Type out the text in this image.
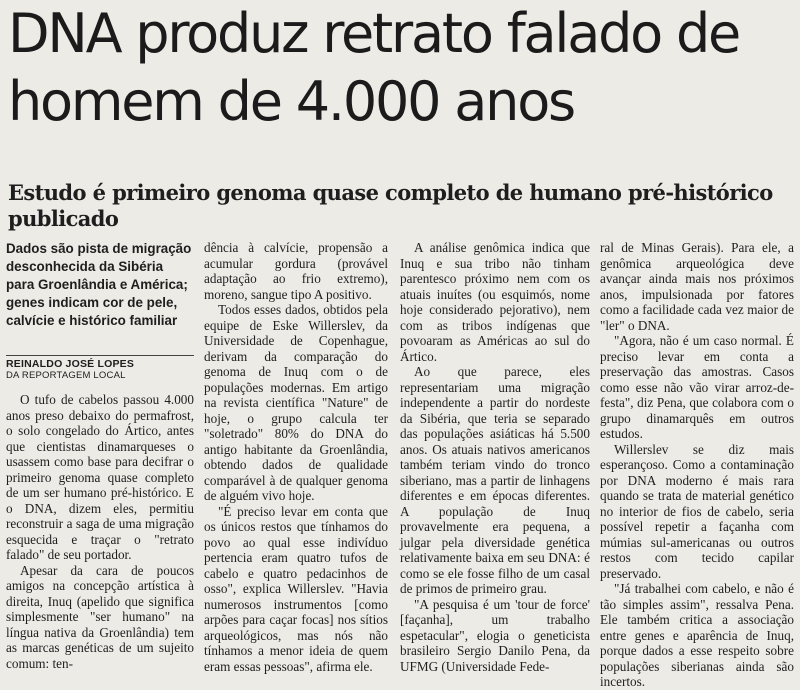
DNA produz retrato falado de homem de 4.000 anos
Estudo é primeiro genoma quase completo de humano pré-histórico publicado

Dados são pista de migração desconhecida da Sibéria para Groenlândia e América; genes indicam cor de pele, calvície e histórico familiar

REINALDO JOSÉ LOPES

DA REPORTAGEM LOCAL

O tufo de cabelos passou 4.000 anos preso debaixo do permafrost, o solo congelado do Ártico, antes que cientistas dinamarqueses o usassem como base para decifrar o primeiro genoma quase completo de um ser humano pré-histórico. E o DNA, dizem eles, permitiu reconstruir a saga de uma migração esquecida e traçar o "retrato falado" de seu portador.

Apesar da cara de poucos amigos na concepção artística à direita, Inuq (apelido que significa simplesmente "ser humano" na língua nativa da Groenlândia) tem as marcas genéticas de um sujeito comum: ten-

dência à calvície, propensão a acumular gordura (provável adaptação ao frio extremo), moreno, sangue tipo A positivo.

Todos esses dados, obtidos pela equipe de Eske Willerslev, da Universidade de Copenhague, derivam da comparação do genoma de Inuq com o de populações modernas. Em artigo na revista científica "Nature" de hoje, o grupo calcula ter "soletrado" 80% do DNA do antigo habitante da Groenlândia, obtendo dados de qualidade comparável à de qualquer genoma de alguém vivo hoje.

"É preciso levar em conta que os únicos restos que tínhamos do povo ao qual esse indivíduo pertencia eram quatro tufos de cabelo e quatro pedacinhos de osso", explica Willerslev. "Havia numerosos instrumentos [como arpões para caçar focas] nos sítios arqueológicos, mas nós não tínhamos a menor ideia de quem eram essas pessoas", afirma ele.

A análise genômica indica que Inuq e sua tribo não tinham parentesco próximo nem com os atuais inuítes (ou esquimós, nome hoje considerado pejorativo), nem com as tribos indígenas que povoaram as Américas ao sul do Ártico.

Ao que parece, eles representariam uma migração independente a partir do nordeste da Sibéria, que teria se separado das populações asiáticas há 5.500 anos. Os atuais nativos americanos também teriam vindo do tronco siberiano, mas a partir de linhagens diferentes e em épocas diferentes. A população de Inuq provavelmente era pequena, a julgar pela diversidade genética relativamente baixa em seu DNA: é como se ele fosse filho de um casal de primos de primeiro grau.

"A pesquisa é um 'tour de force' [façanha], um trabalho espetacular", elogia o geneticista brasileiro Sergio Danilo Pena, da UFMG (Universidade Fede-

ral de Minas Gerais). Para ele, a genômica arqueológica deve avançar ainda mais nos próximos anos, impulsionada por fatores como a facilidade cada vez maior de "ler" o DNA.

"Agora, não é um caso normal. É preciso levar em conta a preservação das amostras. Casos como esse não vão virar arroz-de-festa", diz Pena, que colabora com o grupo dinamarquês em outros estudos.

Willerslev se diz mais esperançoso. Como a contaminação por DNA moderno é mais rara quando se trata de material genético no interior de fios de cabelo, seria possível repetir a façanha com múmias sul-americanas ou outros restos com tecido capilar preservado.

"Já trabalhei com cabelo, e não é tão simples assim", ressalva Pena. Ele também critica a associação entre genes e aparência de Inuq, porque dados a esse respeito sobre populações siberianas ainda são incertos.
